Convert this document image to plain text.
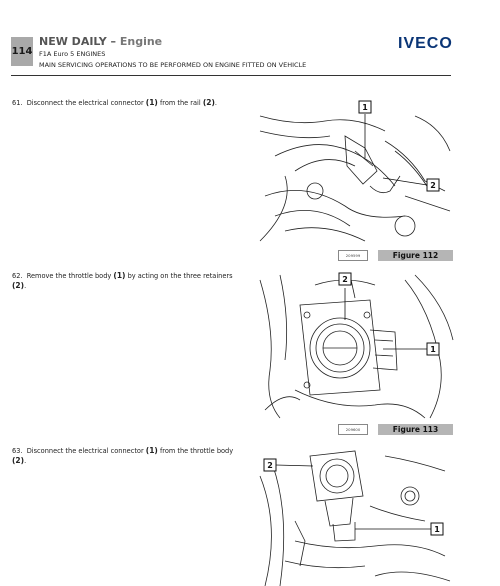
114
NEW DAILY – Engine
F1A Euro 5 ENGINES
MAIN SERVICING OPERATIONS TO BE PERFORMED ON ENGINE FITTED ON VEHICLE
IVECO
61. Disconnect the electrical connector (1) from the rail (2).
62. Remove the throttle body (1) by acting on the three retainers (2).
63. Disconnect the electrical connector (1) from the throttle body (2).
1
2
209599	Figure 112
2
1
209600	Figure 113
2
1
